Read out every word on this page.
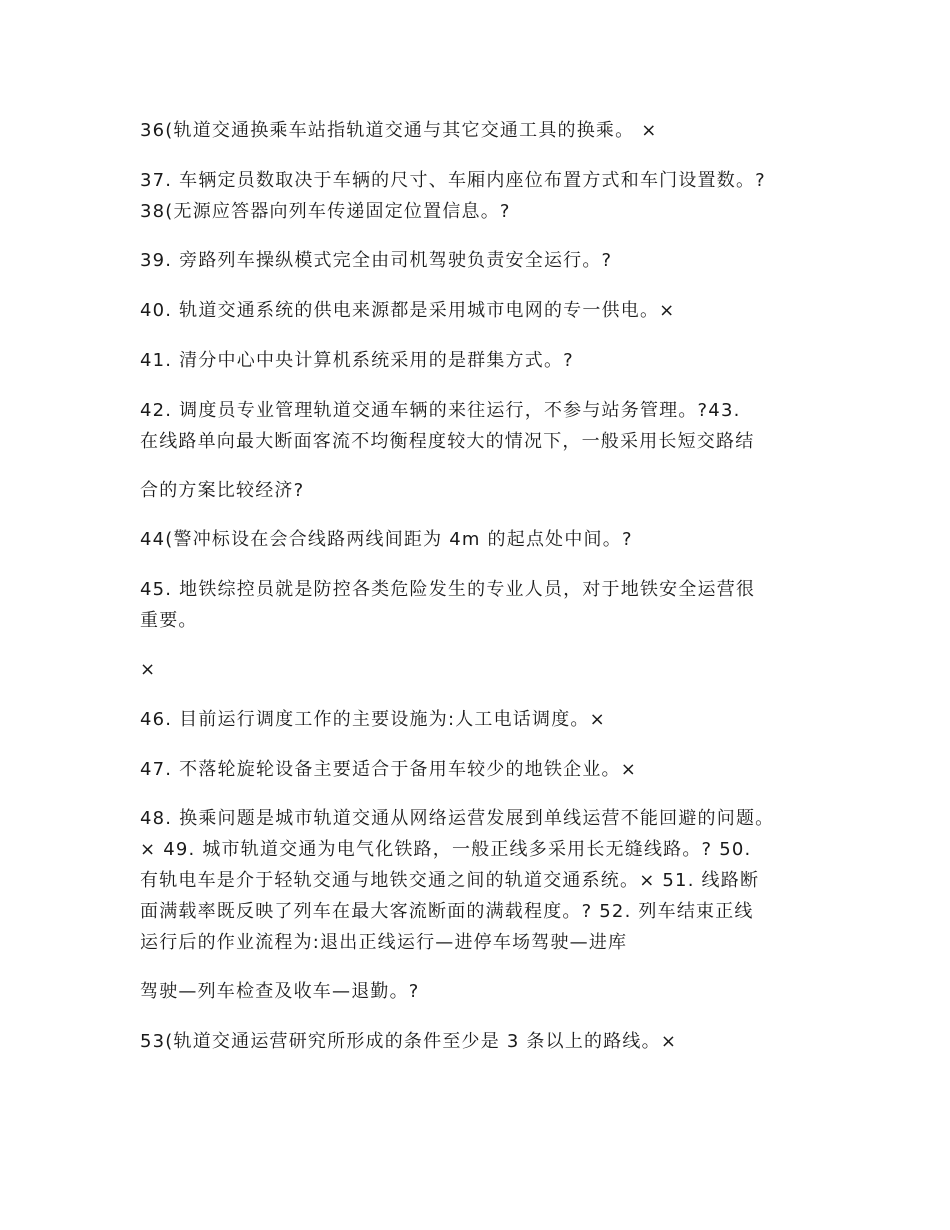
36(轨道交通换乘车站指轨道交通与其它交通工具的换乘。 ×
37. 车辆定员数取决于车辆的尺寸、车厢内座位布置方式和车门设置数。?
38(无源应答器向列车传递固定位置信息。?
39. 旁路列车操纵模式完全由司机驾驶负责安全运行。?
40. 轨道交通系统的供电来源都是采用城市电网的专一供电。×
41. 清分中心中央计算机系统采用的是群集方式。?
42. 调度员专业管理轨道交通车辆的来往运行，不参与站务管理。?43.
在线路单向最大断面客流不均衡程度较大的情况下，一般采用长短交路结
合的方案比较经济?
44(警冲标设在会合线路两线间距为 4m 的起点处中间。?
45. 地铁综控员就是防控各类危险发生的专业人员，对于地铁安全运营很
重要。
×
46. 目前运行调度工作的主要设施为:人工电话调度。×
47. 不落轮旋轮设备主要适合于备用车较少的地铁企业。×
48. 换乘问题是城市轨道交通从网络运营发展到单线运营不能回避的问题。
× 49. 城市轨道交通为电气化铁路，一般正线多采用长无缝线路。? 50.
有轨电车是介于轻轨交通与地铁交通之间的轨道交通系统。× 51. 线路断
面满载率既反映了列车在最大客流断面的满载程度。? 52. 列车结束正线
运行后的作业流程为:退出正线运行—进停车场驾驶—进库
驾驶—列车检查及收车—退勤。?
53(轨道交通运营研究所形成的条件至少是 3 条以上的路线。×
